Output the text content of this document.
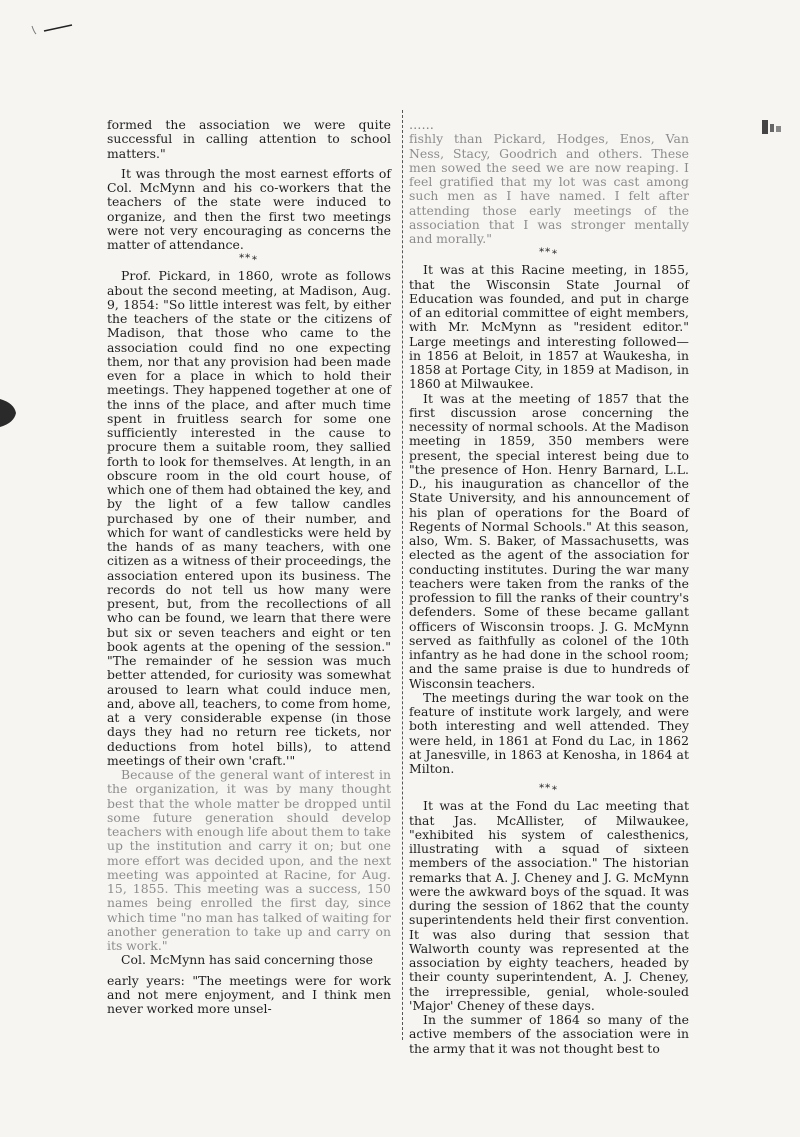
formed the association we were quite successful in calling attention to school matters."

It was through the most earnest efforts of Col. McMynn and his co-workers that the teachers of the state were induced to organize, and then the first two meetings were not very encouraging as concerns the matter of attendance.

**∗

Prof. Pickard, in 1860, wrote as follows about the second meeting, at Madison, Aug. 9, 1854: "So little interest was felt, by either the teachers of the state or the citizens of Madison, that those who came to the association could find no one expecting them, nor that any provision had been made even for a place in which to hold their meetings. They happened together at one of the inns of the place, and after much time spent in fruitless search for some one sufficiently interested in the cause to procure them a suitable room, they sallied forth to look for themselves. At length, in an obscure room in the old court house, of which one of them had obtained the key, and by the light of a few tallow candles purchased by one of their number, and which for want of candlesticks were held by the hands of as many teachers, with one citizen as a witness of their proceedings, the association entered upon its business. The records do not tell us how many were present, but, from the recollections of all who can be found, we learn that there were but six or seven teachers and eight or ten book agents at the opening of the session." "The remainder of he session was much better attended, for curiosity was somewhat aroused to learn what could induce men, and, above all, teachers, to come from home, at a very considerable expense (in those days they had no return ree tickets, nor deductions from hotel bills), to attend meetings of their own 'craft.'"

Because of the general want of interest in the organization, it was by many thought best that the whole matter be dropped until some future generation should develop teachers with enough life about them to take up the institution and carry it on; but one more effort was decided upon, and the next meeting was appointed at Racine, for Aug. 15, 1855. This meeting was a success, 150 names being enrolled the first day, since which time "no man has talked of waiting for another generation to take up and carry on its work."

Col. McMynn has said concerning those

early years: "The meetings were for work and not mere enjoyment, and I think men never worked more unsel-

……

fishly than Pickard, Hodges, Enos, Van Ness, Stacy, Goodrich and others. These men sowed the seed we are now reaping. I feel gratified that my lot was cast among such men as I have named. I felt after attending those early meetings of the association that I was stronger mentally and morally."

**∗

It was at this Racine meeting, in 1855, that the Wisconsin State Journal of Education was founded, and put in charge of an editorial committee of eight members, with Mr. McMynn as "resident editor." Large meetings and interesting followed—in 1856 at Beloit, in 1857 at Waukesha, in 1858 at Portage City, in 1859 at Madison, in 1860 at Milwaukee.

It was at the meeting of 1857 that the first discussion arose concerning the necessity of normal schools. At the Madison meeting in 1859, 350 members were present, the special interest being due to "the presence of Hon. Henry Barnard, L.L. D., his inauguration as chancellor of the State University, and his announcement of his plan of operations for the Board of Regents of Normal Schools." At this season, also, Wm. S. Baker, of Massachusetts, was elected as the agent of the association for conducting institutes. During the war many teachers were taken from the ranks of the profession to fill the ranks of their country's defenders. Some of these became gallant officers of Wisconsin troops. J. G. McMynn served as faithfully as colonel of the 10th infantry as he had done in the school room; and the same praise is due to hundreds of Wisconsin teachers.

The meetings during the war took on the feature of institute work largely, and were both interesting and well attended. They were held, in 1861 at Fond du Lac, in 1862 at Janesville, in 1863 at Kenosha, in 1864 at Milton.

**∗

It was at the Fond du Lac meeting that that Jas. McAllister, of Milwaukee, "exhibited his system of calesthenics, illustrating with a squad of sixteen members of the association." The historian remarks that A. J. Cheney and J. G. McMynn were the awkward boys of the squad. It was during the session of 1862 that the county superintendents held their first convention. It was also during that session that Walworth county was represented at the association by eighty teachers, headed by their county superintendent, A. J. Cheney, the irrepressible, genial, whole-souled 'Major' Cheney of these days.

In the summer of 1864 so many of the active members of the association were in the army that it was not thought best to
